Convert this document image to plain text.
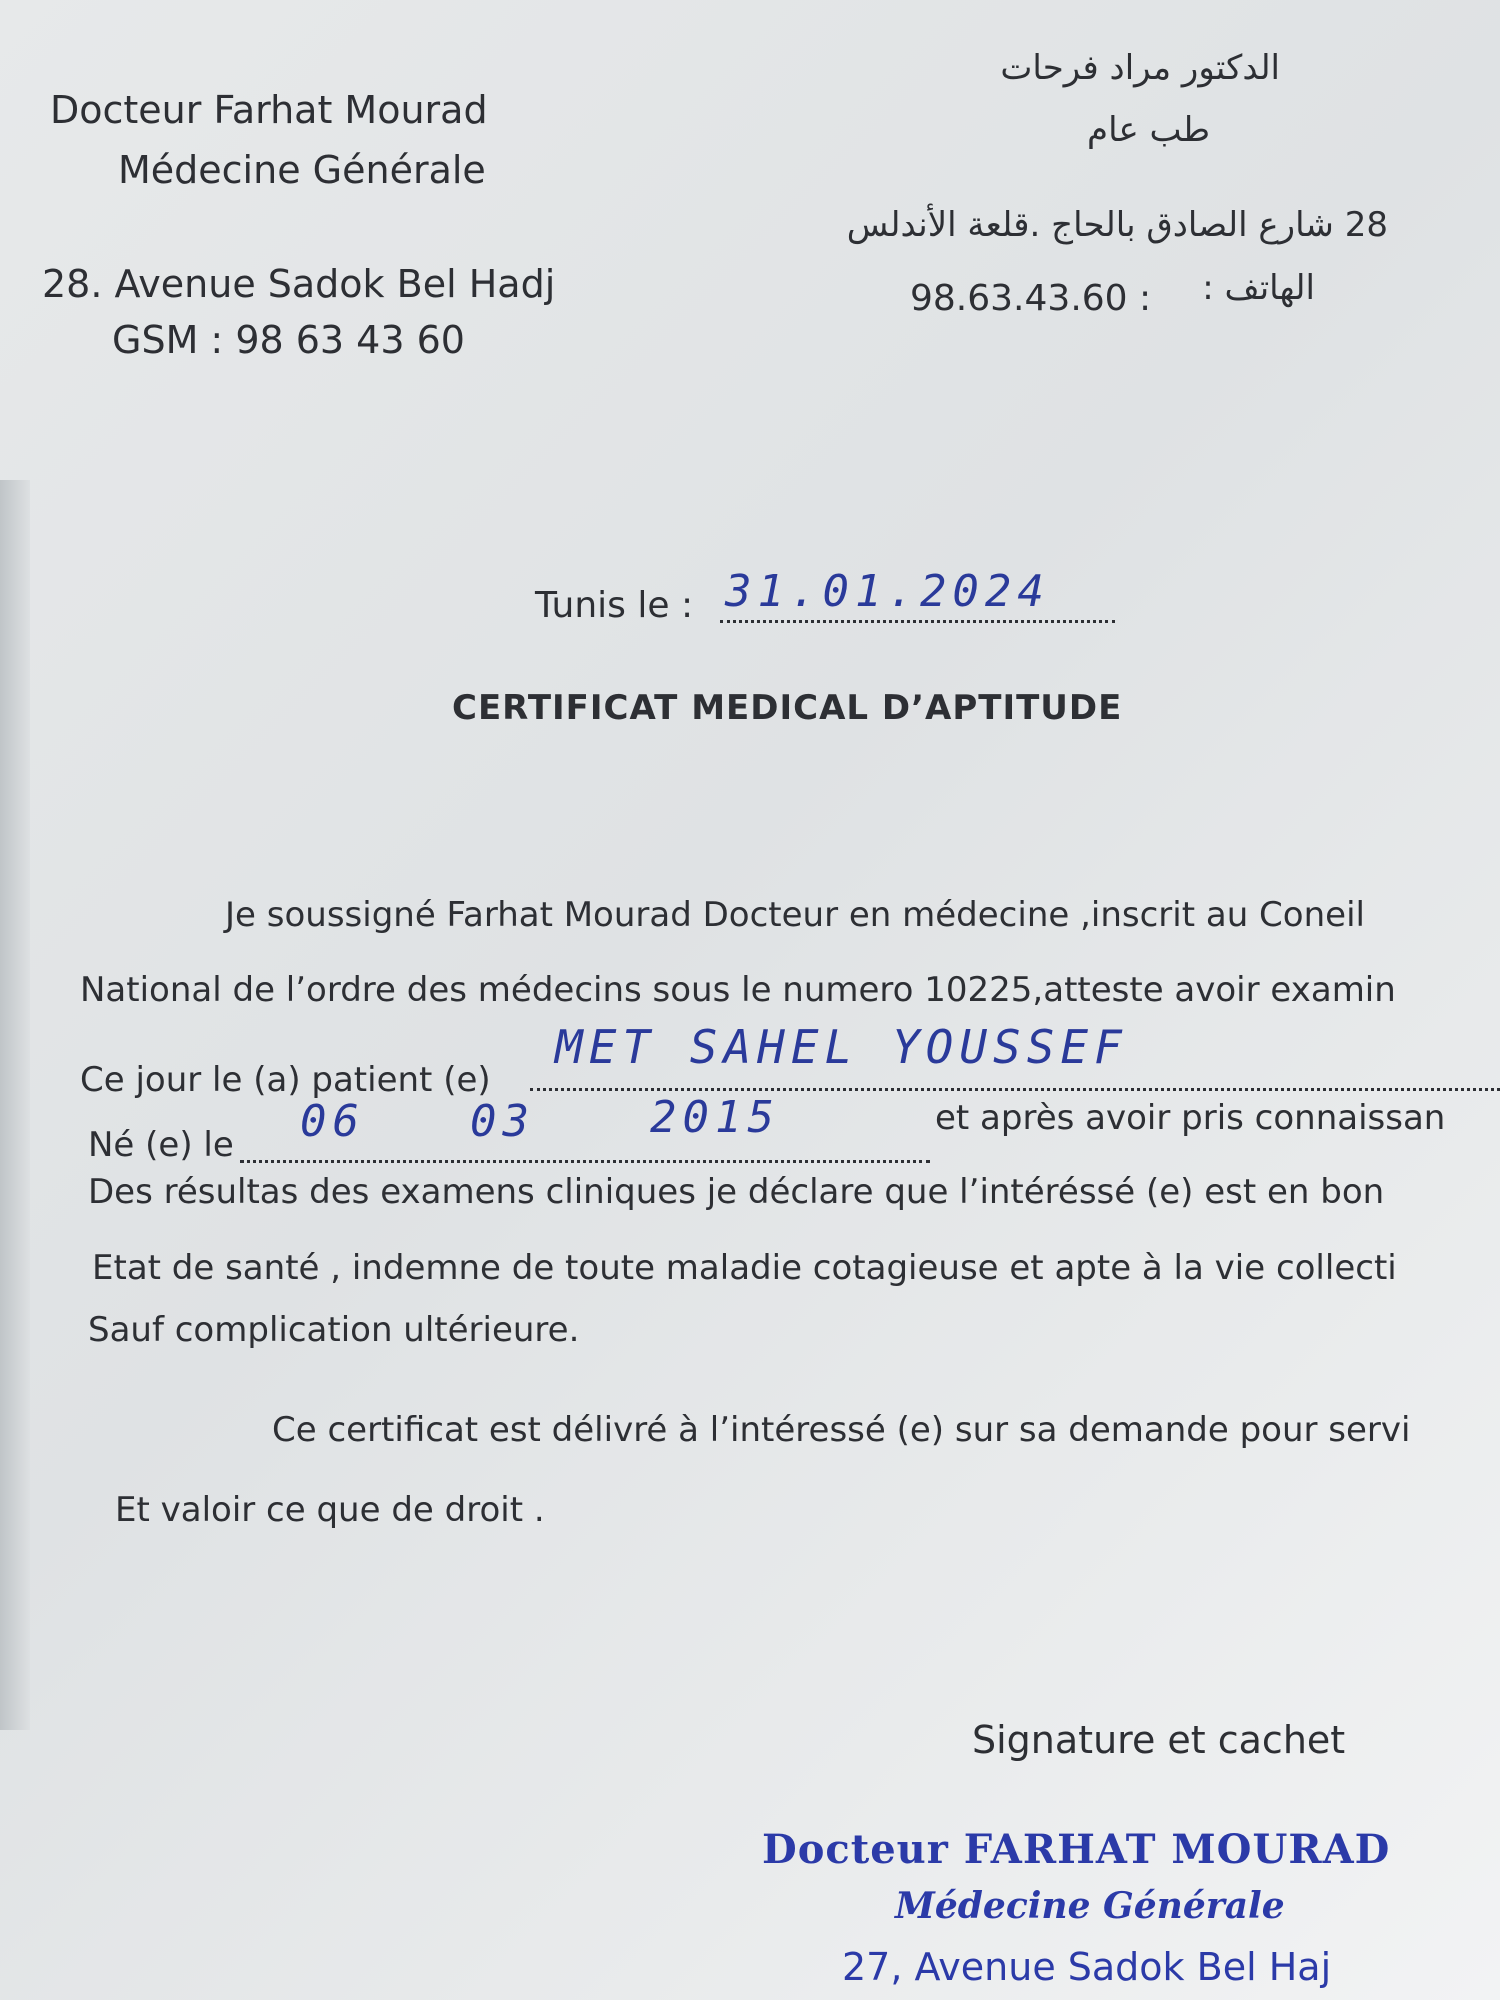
Docteur Farhat Mourad
Médecine Générale
28. Avenue Sadok Bel Hadj
GSM : 98 63 43 60
الدكتور مراد فرحات
طب عام
28 شارع الصادق بالحاج .قلعة الأندلس
الهاتف :
98.63.43.60 :
Tunis le : 31.01.2024
CERTIFICAT MEDICAL D’APTITUDE
Je soussigné Farhat Mourad Docteur en médecine ,inscrit au Coneil
National de l’ordre des médecins sous le numero 10225,atteste avoir examin
Ce jour le (a) patient (e)
MET SAHEL YOUSSEF
Né (e) le 06 03	2015	et après avoir pris connaissan
Des résultas des examens cliniques je déclare que l’intéréssé (e) est en bon
Etat de santé , indemne de toute maladie cotagieuse et apte à la vie collecti
Sauf complication ultérieure.
Ce certificat est délivré à l’intéressé (e) sur sa demande pour servi
Et valoir ce que de droit .
Signature et cachet
Docteur FARHAT MOURAD
Médecine Générale
27, Avenue Sadok Bel Haj
